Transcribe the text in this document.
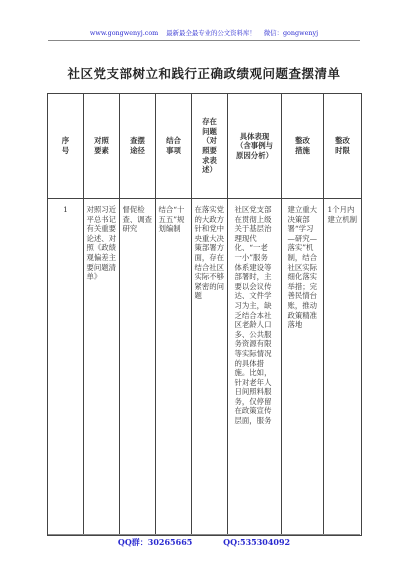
www.gongwenyj.com 最新最全最专业的公文资料库！ 微信：gongwenyj
社区党支部树立和践行正确政绩观问题查摆清单
序号	对照要素	查摆途径	结合事项	存在问题（对照要求表述）	具体表现（含事例与原因分析）	整改措施	整改时限

1	对照习近平总书记有关重要论述、对照《政绩观偏差主要问题清单》	督促检查、调查研究	结合“十五五”规划编制	在落实党的大政方针和党中央重大决策部署方面，存在结合社区实际不够紧密的问题	社区党支部在贯彻上级关于基层治理现代化、“一老一小”服务体系建设等部署时，主要以会议传达、文件学习为主，缺乏结合本社区老龄人口多、公共服务资源有限等实际情况的具体措施。比如，针对老年人日间照料服务，仅停留在政策宣传层面，服务	建立重大决策部署“学习—研究—落实”机制，结合社区实际细化落实举措；完善民情台账，推动政策精准落地	1个月内建立机制
QQ群：30265665	QQ:535304092
